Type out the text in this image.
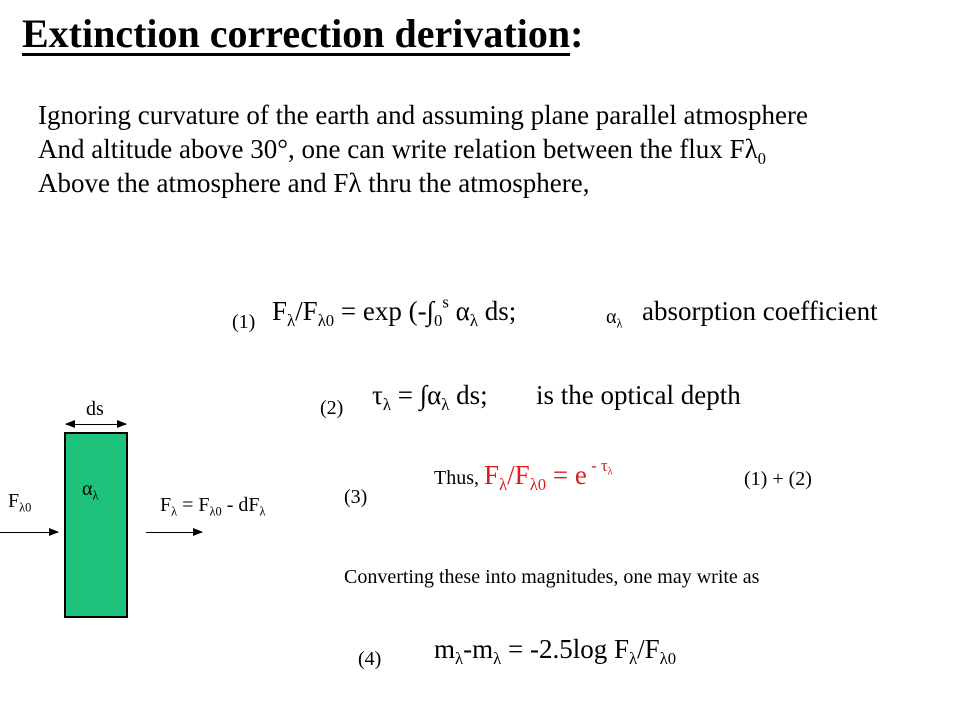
Extinction correction derivation:
Ignoring curvature of the earth and assuming plane parallel atmosphere
And altitude above 30°, one can write relation between the flux $F\lambda_0$
Above the atmosphere and Fλ thru the atmosphere,
(1) $F_\lambda/F_{\lambda 0} = \exp (-\int_0^s$ $\alpha_\lambda$ ds;	$\alpha_\lambda$ absorption coefficient
(2) $\tau_\lambda = \int\alpha_\lambda$ ds; is the optical depth
(3)
Thus, $F_\lambda/F_{\lambda 0} = e$ $^{- \tau_\lambda}$	(1) + (2)
Converting these into magnitudes, one may write as
(4) $m_\lambda-m_\lambda = -2.5\log$ $F_\lambda/F_{\lambda 0}$
ds
$\alpha_\lambda$
$F_{\lambda 0}$	$F_\lambda = F_{\lambda 0} - dF_\lambda$
